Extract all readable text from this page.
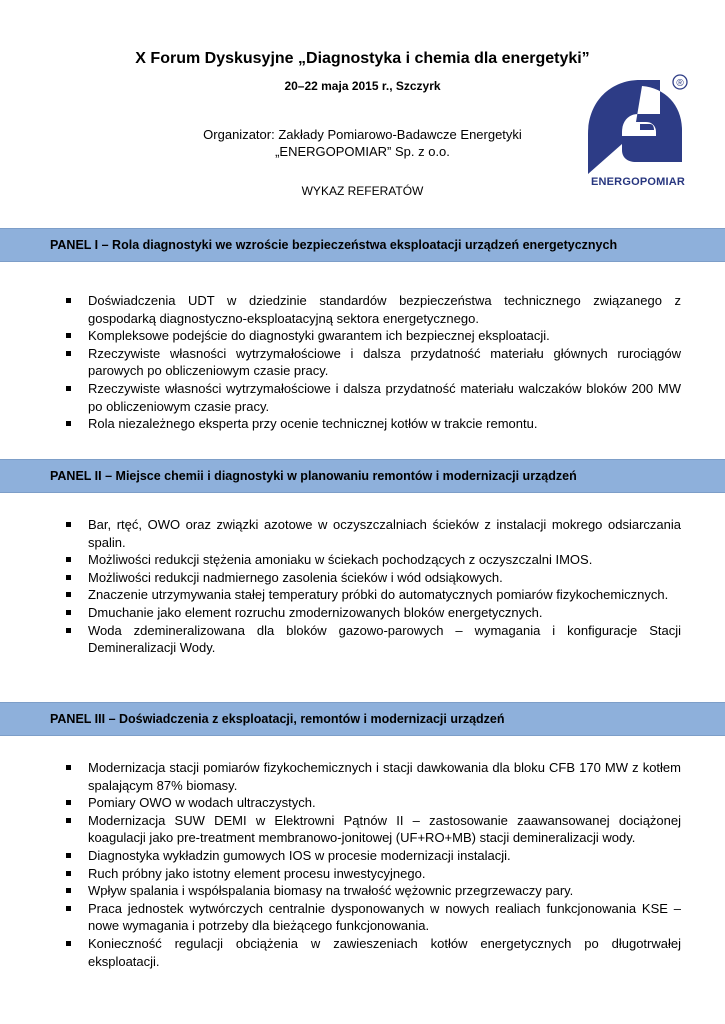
X Forum Dyskusyjne „Diagnostyka i chemia dla energetyki”
20–22 maja 2015 r., Szczyrk
Organizator: Zakłady Pomiarowo-Badawcze Energetyki
„ENERGOPOMIAR” Sp. z o.o.
WYKAZ REFERATÓW
®
ENERGOPOMIAR
PANEL I – Rola diagnostyki we wzroście bezpieczeństwa eksploatacji urządzeń energetycznych
Doświadczenia UDT w dziedzinie standardów bezpieczeństwa technicznego związanego z gospodarką diagnostyczno-eksploatacyjną sektora energetycznego.
Kompleksowe podejście do diagnostyki gwarantem ich bezpiecznej eksploatacji.
Rzeczywiste własności wytrzymałościowe i dalsza przydatność materiału głównych rurociągów parowych po obliczeniowym czasie pracy.
Rzeczywiste własności wytrzymałościowe i dalsza przydatność materiału walczaków bloków 200 MW po obliczeniowym czasie pracy.
Rola niezależnego eksperta przy ocenie technicznej kotłów w trakcie remontu.
PANEL II – Miejsce chemii i diagnostyki w planowaniu remontów i modernizacji urządzeń
Bar, rtęć, OWO oraz związki azotowe w oczyszczalniach ścieków z instalacji mokrego odsiarczania spalin.
Możliwości redukcji stężenia amoniaku w ściekach pochodzących z oczyszczalni IMOS.
Możliwości redukcji nadmiernego zasolenia ścieków i wód odsiąkowych.
Znaczenie utrzymywania stałej temperatury próbki do automatycznych pomiarów fizykochemicznych.
Dmuchanie jako element rozruchu zmodernizowanych bloków energetycznych.
Woda zdemineralizowana dla bloków gazowo-parowych – wymagania i konfiguracje Stacji Demineralizacji Wody.
PANEL III – Doświadczenia z eksploatacji, remontów i modernizacji urządzeń
Modernizacja stacji pomiarów fizykochemicznych i stacji dawkowania dla bloku CFB 170 MW z kotłem spalającym 87% biomasy.
Pomiary OWO w wodach ultraczystych.
Modernizacja SUW DEMI w Elektrowni Pątnów II – zastosowanie zaawansowanej dociążonej koagulacji jako pre-treatment membranowo-jonitowej (UF+RO+MB) stacji demineralizacji wody.
Diagnostyka wykładzin gumowych IOS w procesie modernizacji instalacji.
Ruch próbny jako istotny element procesu inwestycyjnego.
Wpływ spalania i współspalania biomasy na trwałość wężownic przegrzewaczy pary.
Praca jednostek wytwórczych centralnie dysponowanych w nowych realiach funkcjonowania KSE – nowe wymagania i potrzeby dla bieżącego funkcjonowania.
Konieczność regulacji obciążenia w zawieszeniach kotłów energetycznych po długotrwałej eksploatacji.
